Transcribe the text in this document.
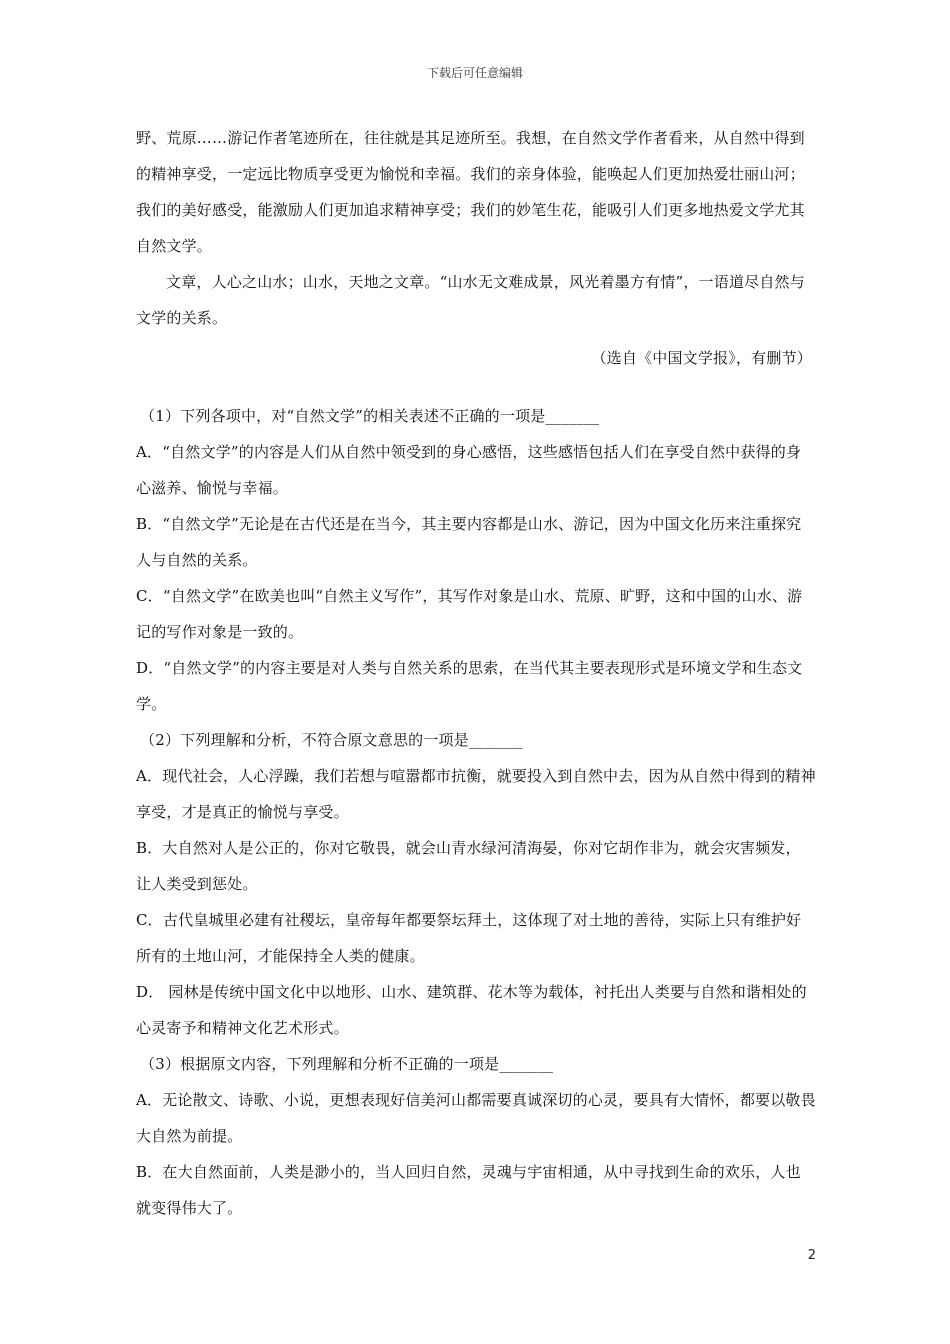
下载后可任意编辑

野、荒原……游记作者笔迹所在，往往就是其足迹所至。我想，在自然文学作者看来，从自然中得到的精神享受，一定远比物质享受更为愉悦和幸福。我们的亲身体验，能唤起人们更加热爱壮丽山河；我们的美好感受，能激励人们更加追求精神享受；我们的妙笔生花，能吸引人们更多地热爱文学尤其自然文学。

文章，人心之山水；山水，天地之文章。“山水无文难成景，风光着墨方有情”，一语道尽自然与文学的关系。

（选自《中国文学报》，有删节）

（1）下列各项中，对“自然文学”的相关表述不正确的一项是_______

A．“自然文学”的内容是人们从自然中领受到的身心感悟，这些感悟包括人们在享受自然中获得的身心滋养、愉悦与幸福。

B．“自然文学”无论是在古代还是在当今，其主要内容都是山水、游记，因为中国文化历来注重探究人与自然的关系。

C．“自然文学”在欧美也叫“自然主义写作”，其写作对象是山水、荒原、旷野，这和中国的山水、游记的写作对象是一致的。

D．“自然文学”的内容主要是对人类与自然关系的思索，在当代其主要表现形式是环境文学和生态文学。

（2）下列理解和分析，不符合原文意思的一项是_______

A．现代社会，人心浮躁，我们若想与喧嚣都市抗衡，就要投入到自然中去，因为从自然中得到的精神享受，才是真正的愉悦与享受。

B．大自然对人是公正的，你对它敬畏，就会山青水绿河清海晏，你对它胡作非为，就会灾害频发，让人类受到惩处。

C．古代皇城里必建有社稷坛，皇帝每年都要祭坛拜土，这体现了对土地的善待，实际上只有维护好所有的土地山河，才能保持全人类的健康。

D． 园林是传统中国文化中以地形、山水、建筑群、花木等为载体，衬托出人类要与自然和谐相处的心灵寄予和精神文化艺术形式。

（3）根据原文内容，下列理解和分析不正确的一项是_______

A．无论散文、诗歌、小说，更想表现好信美河山都需要真诚深切的心灵，要具有大情怀，都要以敬畏大自然为前提。

B．在大自然面前，人类是渺小的，当人回归自然，灵魂与宇宙相通，从中寻找到生命的欢乐，人也就变得伟大了。

2
